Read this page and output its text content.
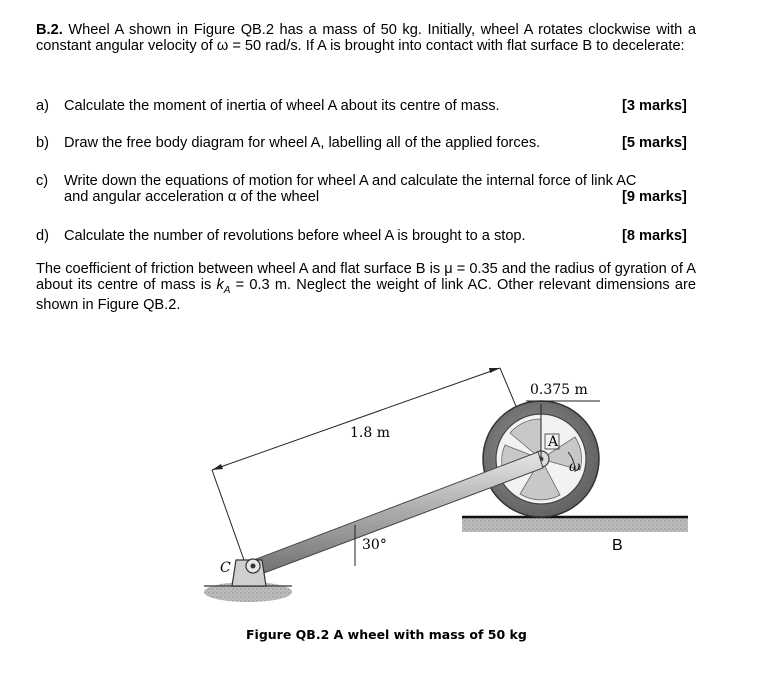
B.2. Wheel A shown in Figure QB.2 has a mass of 50 kg. Initially, wheel A rotates clockwise with a constant angular velocity of ω = 50 rad/s. If A is brought into contact with flat surface B to decelerate:

a) Calculate the moment of inertia of wheel A about its centre of mass.	[3 marks]
b) Draw the free body diagram for wheel A, labelling all of the applied forces.	[5 marks]
c) Write down the equations of motion for wheel A and calculate the internal force of link AC
and angular acceleration α of the wheel	[9 marks]
d) Calculate the number of revolutions before wheel A is brought to a stop.	[8 marks]

The coefficient of friction between wheel A and flat surface B is μ = 0.35 and the radius of gyration of A about its centre of mass is $k_A = 0.3$ m. Neglect the weight of link AC. Other relevant dimensions are shown in Figure QB.2.

0.375 m
1.8 m
30°
A
C
B
ω
Figure QB.2 A wheel with mass of 50 kg
